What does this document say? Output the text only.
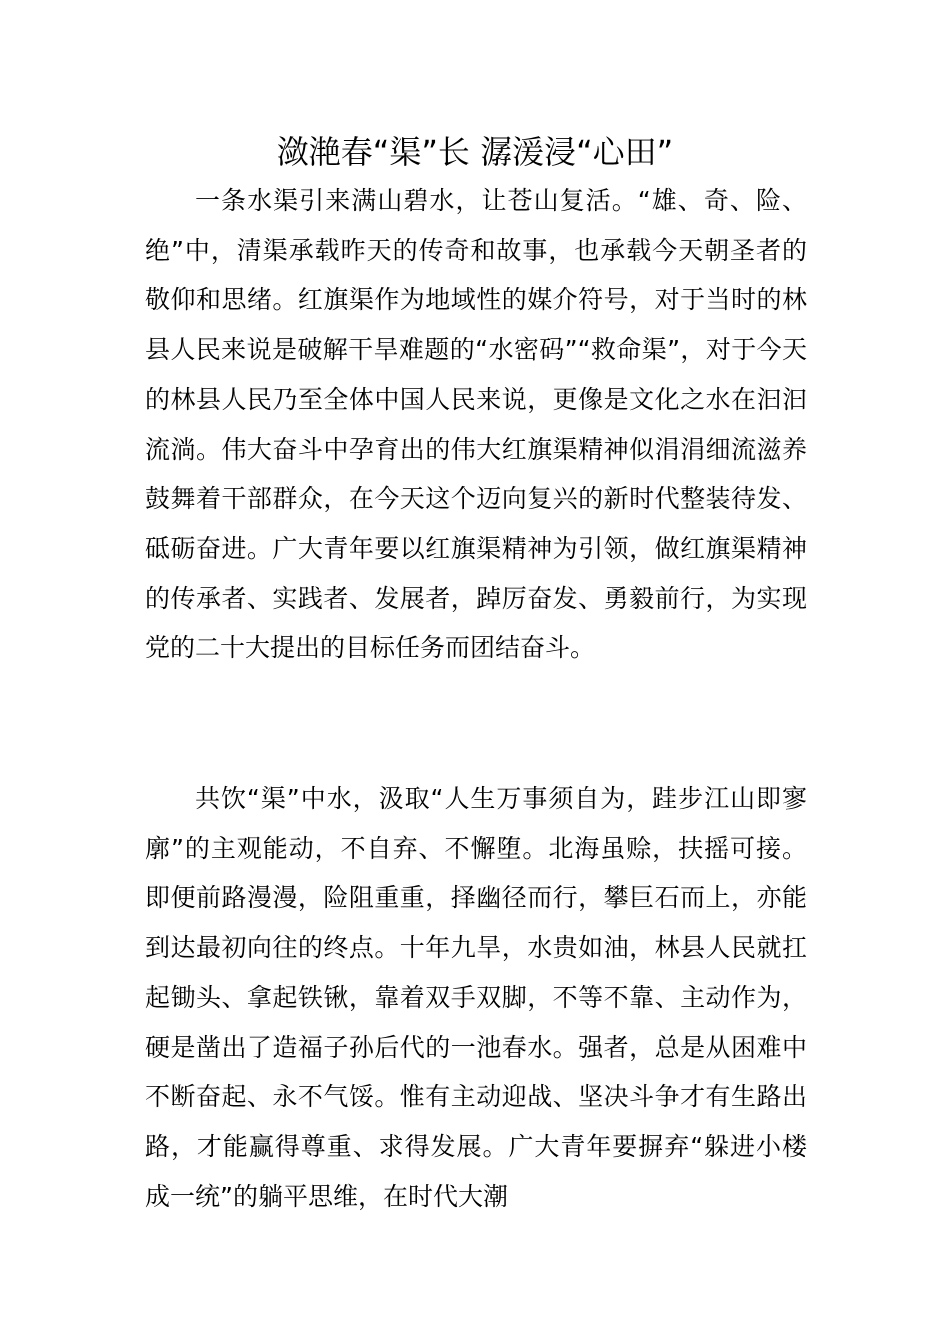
潋滟春“渠”长 潺湲浸“心田”

一条水渠引来满山碧水，让苍山复活。“雄、奇、险、绝”中，清渠承载昨天的传奇和故事，也承载今天朝圣者的敬仰和思绪。红旗渠作为地域性的媒介符号，对于当时的林县人民来说是破解干旱难题的“水密码”“救命渠”，对于今天的林县人民乃至全体中国人民来说，更像是文化之水在汩汩流淌。伟大奋斗中孕育出的伟大红旗渠精神似涓涓细流滋养鼓舞着干部群众，在今天这个迈向复兴的新时代整装待发、砥砺奋进。广大青年要以红旗渠精神为引领，做红旗渠精神的传承者、实践者、发展者，踔厉奋发、勇毅前行，为实现党的二十大提出的目标任务而团结奋斗。

共饮“渠”中水，汲取“人生万事须自为，跬步江山即寥廓”的主观能动，不自弃、不懈堕。北海虽赊，扶摇可接。即便前路漫漫，险阻重重，择幽径而行，攀巨石而上，亦能到达最初向往的终点。十年九旱，水贵如油，林县人民就扛起锄头、拿起铁锹，靠着双手双脚，不等不靠、主动作为，硬是凿出了造福子孙后代的一池春水。强者，总是从困难中不断奋起、永不气馁。惟有主动迎战、坚决斗争才有生路出路，才能赢得尊重、求得发展。广大青年要摒弃“躲进小楼成一统”的躺平思维，在时代大潮
